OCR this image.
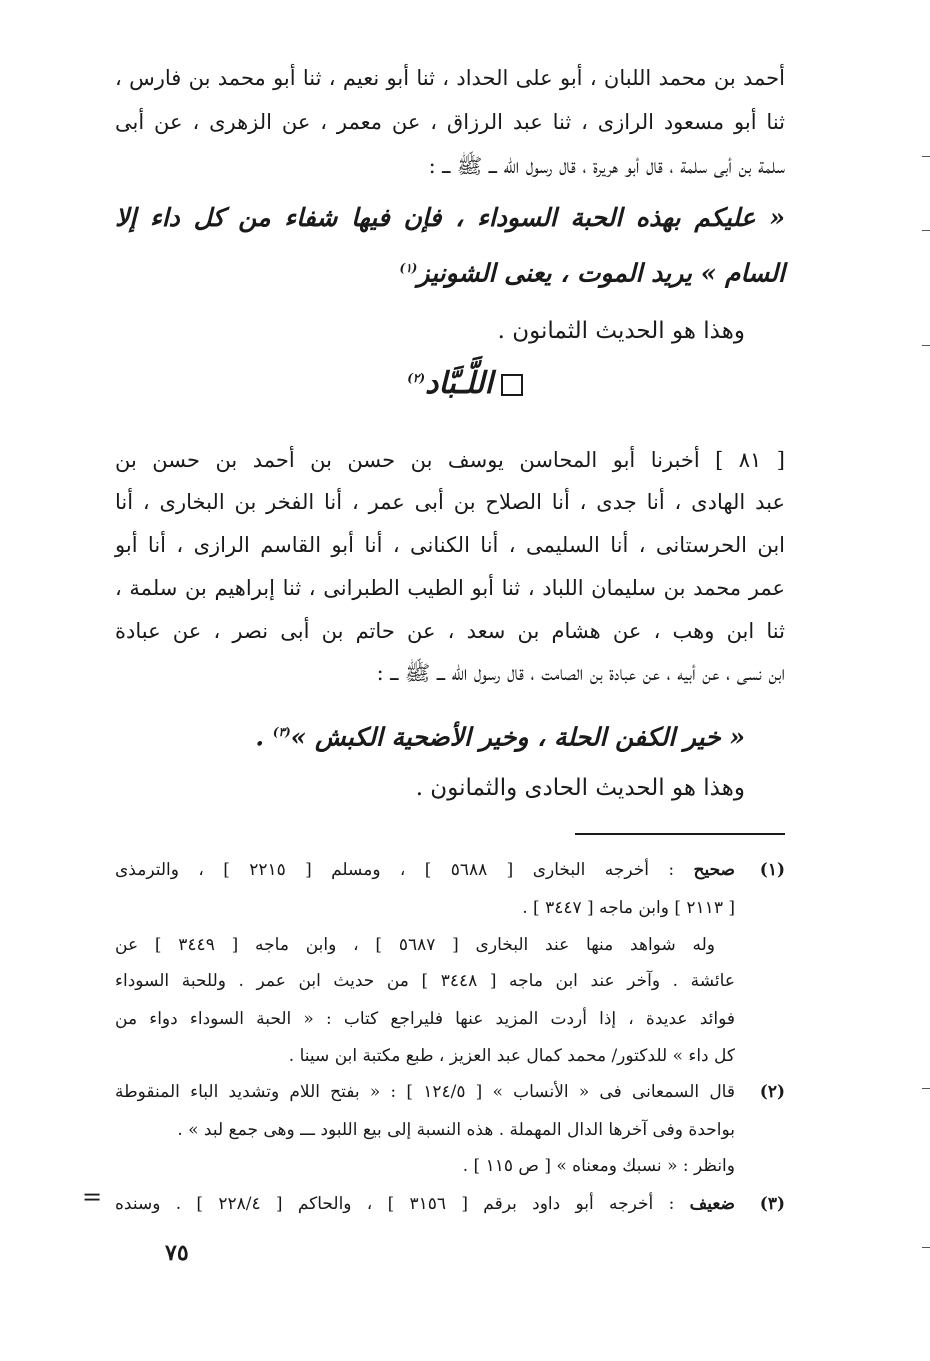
أحمد بن محمد اللبان ، أبو على الحداد ، ثنا أبو نعيم ، ثنا أبو محمد بن فارس ،
ثنا أبو مسعود الرازى ، ثنا عبد الرزاق ، عن معمر ، عن الزهرى ، عن أبى
سلمة بن أبى سلمة ، قال أبو هريرة ، قال رسول الله ـــ ﷺ ـــ :
« عليكم بهذه الحبة السوداء ، فإن فيها شفاء من كل داء إلا
السام » يريد الموت ، يعنى الشونيز$^{(١)}$
وهذا هو الحديث الثمانون .
اللَّـبَّاد$^{(٢)}$
[ ٨١ ] أخبرنا أبو المحاسن يوسف بن حسن بن أحمد بن حسن بن
عبد الهادى ، أنا جدى ، أنا الصلاح بن أبى عمر ، أنا الفخر بن البخارى ، أنا
ابن الحرستانى ، أنا السليمى ، أنا الكنانى ، أنا أبو القاسم الرازى ، أنا أبو
عمر محمد بن سليمان اللباد ، ثنا أبو الطيب الطبرانى ، ثنا إبراهيم بن سلمة ،
ثنا ابن وهب ، عن هشام بن سعد ، عن حاتم بن أبى نصر ، عن عبادة
ابن نسى ، عن أبيه ، عن عبادة بن الصامت ، قال رسول الله ـــ ﷺ ـــ :
« خير الكفن الحلة ، وخير الأضحية الكبش »$^{(٣)}$ .
وهذا هو الحديث الحادى والثمانون .
(١)
صحيح : أخرجه البخارى [ ٥٦٨٨ ] ، ومسلم [ ٢٢١٥ ] ، والترمذى
[ ٢١١٣ ] وابن ماجه [ ٣٤٤٧ ] .
وله شواهد منها عند البخارى [ ٥٦٨٧ ] ، وابن ماجه [ ٣٤٤٩ ] عن
عائشة . وآخر عند ابن ماجه [ ٣٤٤٨ ] من حديث ابن عمر . وللحبة السوداء
فوائد عديدة ، إذا أردت المزيد عنها فليراجع كتاب : « الحبة السوداء دواء من
كل داء » للدكتور/ محمد كمال عبد العزيز ، طبع مكتبة ابن سينا .
(٢)
قال السمعانى فى « الأنساب » [ ١٢٤/٥ ] : « بفتح اللام وتشديد الباء المنقوطة
بواحدة وفى آخرها الدال المهملة . هذه النسبة إلى بيع اللبود ـــ وهى جمع لبد » .
وانظر : « نسبك ومعناه » [ ص ١١٥ ] .
(٣)
ضعيف : أخرجه أبو داود برقم [ ٣١٥٦ ] ، والحاكم [ ٢٢٨/٤ ] . وسنده
=
٧٥
